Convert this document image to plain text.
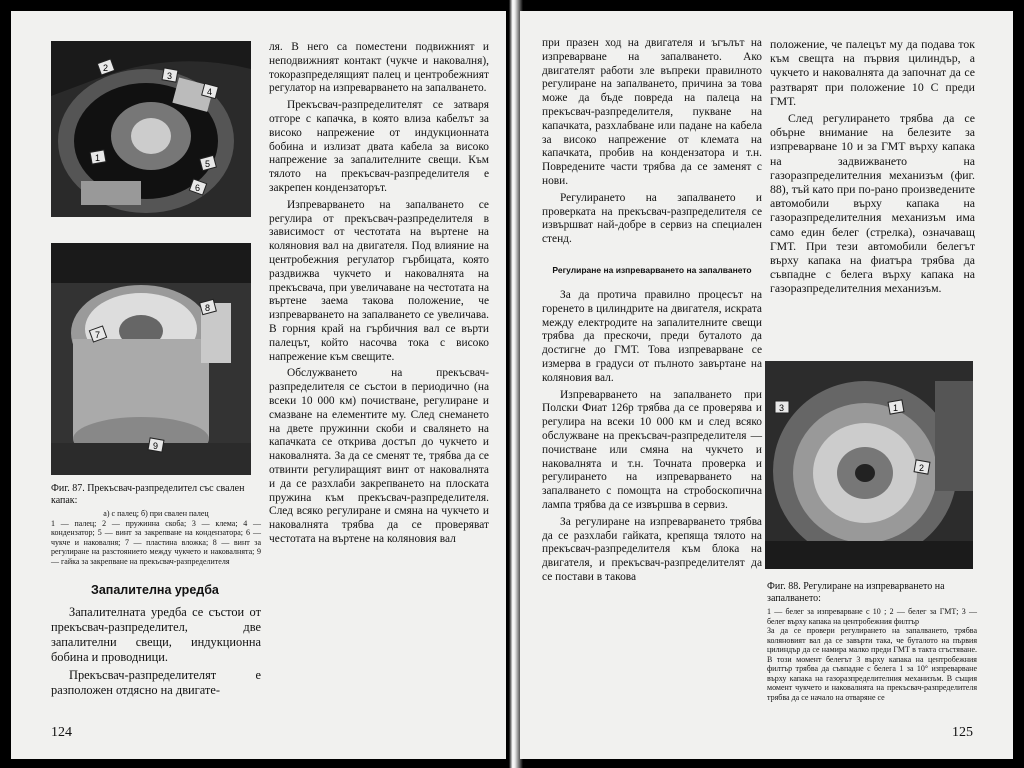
2
3
4
5
6
1
7
8
9
Фиг. 87. Прекъсвач-разпределител със свален капак:
а) с палец; б) при свален палец
1 — палец; 2 — пружинна скоба; 3 — клема; 4 — кондензатор; 5 — винт за закрепване на кондензатора; 6 — чукче и наковалня; 7 — пластина вложка; 8 — винт за регулиране на разстоянието между чукчето и наковалнята; 9 — гайка за закрепване на прекъсвач-разпределителя
Запалителна уредба

Запалителната уредба се състои от прекъсвач-разпределител, две запалителни свещи, индукционна бобина и проводници.

Прекъсвач-разпределителят е разположен отдясно на двигате-

ля. В него са поместени подвижният и неподвижният контакт (чукче и наковалня), токоразпределящият палец и центробежният регулатор на изпреварването на запалването.

Прекъсвач-разпределителят се затваря отгоре с капачка, в която влиза кабелът за високо напрежение от индукционната бобина и излизат двата кабела за високо напрежение за запалителните свещи. Към тялото на прекъсвач-разпределителя е закрепен кондензаторът.

Изпреварването на запалването се регулира от прекъсвач-разпределителя в зависимост от честотата на въртене на коляновия вал на двигателя. Под влияние на центробежния регулатор гърбицата, която раздвижва чукчето и наковалнята на прекъсвача, при увеличаване на честотата на въртене заема такова положение, че изпреварването на запалването се увеличава. В горния край на гърбичния вал се върти палецът, който насочва тока с високо напрежение към свещите.

Обслужването на прекъсвач-разпределителя се състои в периодично (на всеки 10 000 км) почистване, регулиране и смазване на елементите му. След снемането на двете пружинни скоби и свалянето на капачката се открива достъп до чукчето и наковалнята. За да се сменят те, трябва да се отвинти регулиращият винт от наковалнята и да се разхлаби закрепването на плоската пружина към прекъсвач-разпределителя. След всяко регулиране и смяна на чукчето и наковалнята трябва да се проверяват честотата на въртене на коляновия вал

124

при празен ход на двигателя и ъгълът на изпреварване на запалването. Ако двигателят работи зле въпреки правилното регулиране на запалването, причина за това може да бъде повреда на палеца на прекъсвач-разпределителя, пукване на капачката, разхлабване или падане на кабела за високо напрежение от клемата на капачката, пробив на кондензатора и т.н. Повредените части трябва да се заменят с нови.

Регулирането на запалването и проверката на прекъсвач-разпределителя се извършват най-добре в сервиз на специален стенд.

Регулиране на изпреварването на запалването

За да протича правилно процесът на горенето в цилиндрите на двигателя, искрата между електродите на запалителните свещи трябва да прескочи, преди буталото да достигне до ГМТ. Това изпреварване се измерва в градуси от пълното завъртане на коляновия вал.

Изпреварването на запалването при Полски Фиат 126р трябва да се проверява и регулира на всеки 10 000 км и след всяко обслужване на прекъсвач-разпределителя — почистване или смяна на чукчето и наковалнята и т.н. Точната проверка и регулирането на изпреварването на запалването с помощта на стробоскопична лампа трябва да се извършва в сервиз.

За регулиране на изпреварването трябва да се разхлаби гайката, крепяща тялото на прекъсвач-разпределителя към блока на двигателя, и прекъсвач-разпределителят да се постави в такова

положение, че палецът му да подава ток към свещта на първия цилиндър, а чукчето и наковалнята да започнат да се разтварят при положение 10 С преди ГМТ.

След регулирането трябва да се обърне внимание на белезите за изпреварване 10 и за ГМТ върху капака на задвижването на газоразпределителния механизъм (фиг. 88), тъй като при по-рано произведените автомобили върху капака на газоразпределителния механизъм има само един белег (стрелка), означаващ ГМТ. При тези автомобили белегът върху капака на фиатъра трябва да съвпадне с белега върху капака на газоразпределителния механизъм.

3	1
2
Фиг. 88. Регулиране на изпреварването на запалването:
1 — белег за изпреварване с 10 ; 2 — белег за ГМТ; 3 — белег върху капака на центробежния филтър
За да се провери регулирането на запалването, трябва коляновият вал да се завърти така, че буталото на първия цилиндър да се намира малко преди ГМТ в такта сгъстяване. В този момент белегът 3 върху капака на центробежния филтър трябва да съвпадне с белега 1 за 10° изпреварване върху капака на газоразпределителния механизъм. В същия момент чукчето и наковалнята на прекъсвач-разпределителя трябва да се начало на отваряне се
125
